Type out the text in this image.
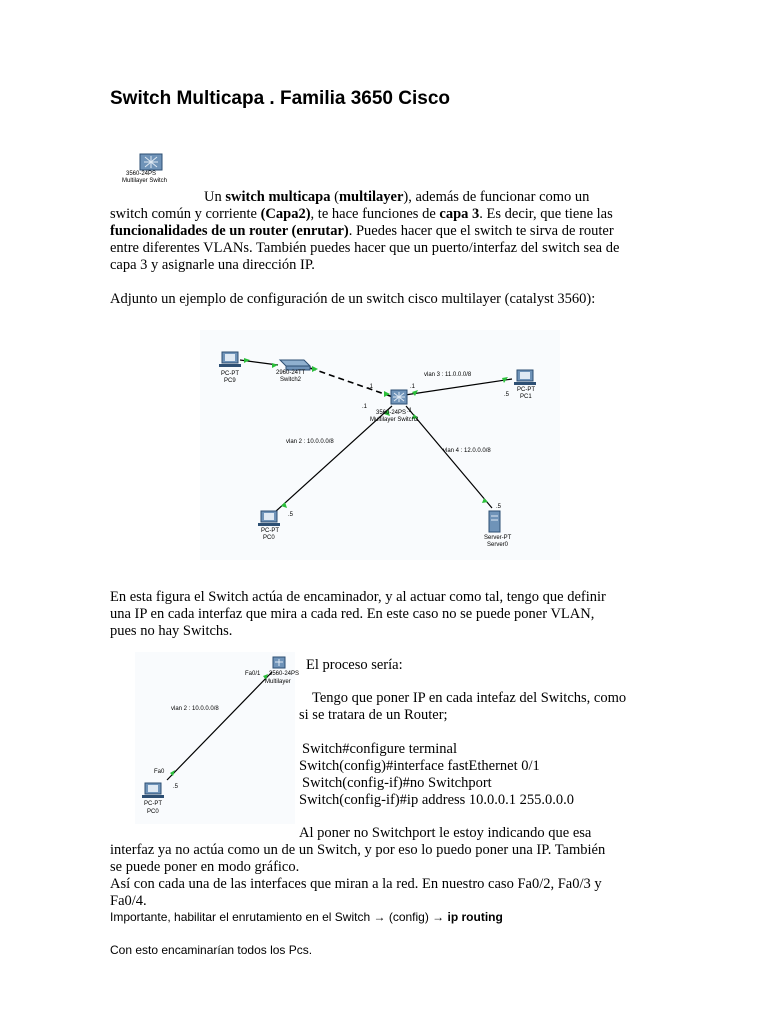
Switch Multicapa . Familia 3650 Cisco
3560-24PS
Multilayer Switch
Un switch multicapa (multilayer), además de funcionar como un
switch común y corriente (Capa2), te hace funciones de capa 3. Es decir, que tiene las
funcionalidades de un router (enrutar). Puedes hacer que el switch te sirva de router
entre diferentes VLANs. También puedes hacer que un puerto/interfaz del switch sea de
capa 3 y asignarle una dirección IP.
Adjunto un ejemplo de configuración de un switch cisco multilayer (catalyst 3560):
PC-PT
PC9
2960-24TT
Switch2
3560-24PS
Multilayer Switch2
.1	.1
.1
.1
PC-PT
PC1
.5
vlan 3 : 11.0.0.0/8
PC-PT
PC0
.5
vlan 2 : 10.0.0.0/8
Server-PT
Server0
.5
vlan 4 : 12.0.0.0/8
En esta figura el Switch actúa de encaminador, y al actuar como tal, tengo que definir
una IP en cada interfaz que mira a cada red. En este caso no se puede poner VLAN,
pues no hay Switchs.
Fa0/1 3560-24PS
Multilayer
vlan 2 : 10.0.0.0/8
Fa0
.5
PC-PT
PC0
El proceso sería:
Tengo que poner IP en cada intefaz del Switchs, como
si se tratara de un Router;
Switch#configure terminal
Switch(config)#interface fastEthernet 0/1
Switch(config-if)#no Switchport
Switch(config-if)#ip address 10.0.0.1 255.0.0.0
Al poner no Switchport le estoy indicando que esa
interfaz ya no actúa como un de un Switch, y por eso lo puedo poner una IP. También
se puede poner en modo gráfico.
Así con cada una de las interfaces que miran a la red. En nuestro caso Fa0/2, Fa0/3 y
Fa0/4.
Importante, habilitar el enrutamiento en el Switch → (config) → ip routing
Con esto encaminarían todos los Pcs.
